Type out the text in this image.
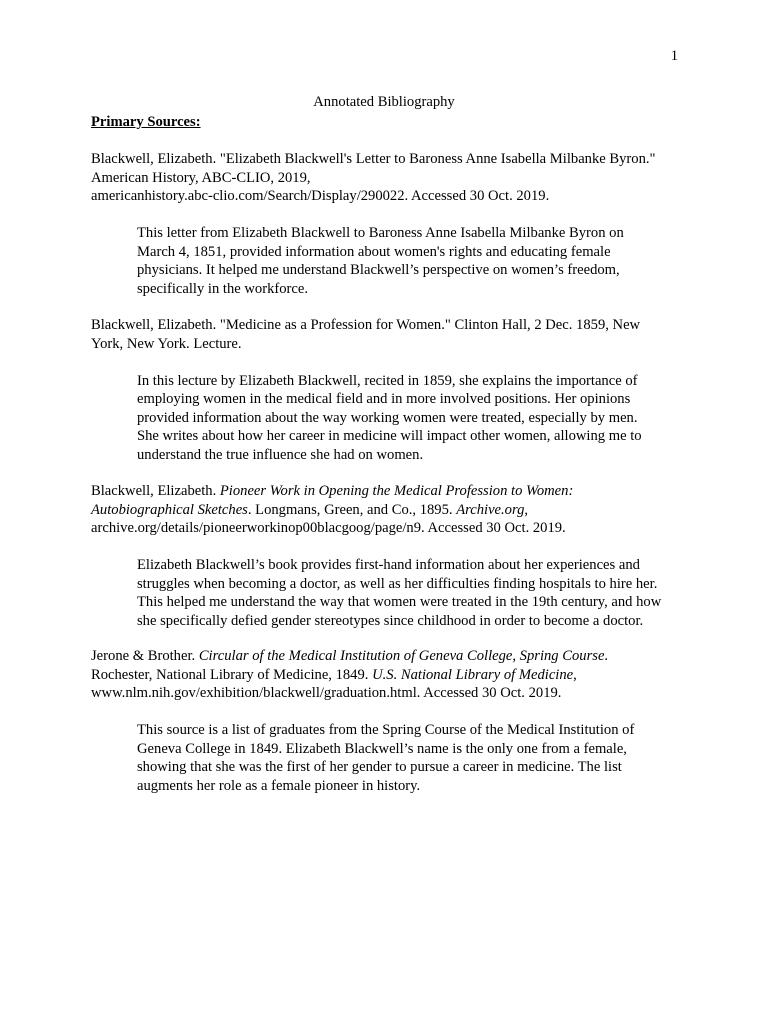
1
Annotated Bibliography
Primary Sources:

Blackwell, Elizabeth. "Elizabeth Blackwell's Letter to Baroness Anne Isabella Milbanke Byron."
American History, ABC-CLIO, 2019,
americanhistory.abc-clio.com/Search/Display/290022. Accessed 30 Oct. 2019.

This letter from Elizabeth Blackwell to Baroness Anne Isabella Milbanke Byron on
March 4, 1851, provided information about women's rights and educating female
physicians. It helped me understand Blackwell’s perspective on women’s freedom,
specifically in the workforce.

Blackwell, Elizabeth. "Medicine as a Profession for Women." Clinton Hall, 2 Dec. 1859, New
York, New York. Lecture.

In this lecture by Elizabeth Blackwell, recited in 1859, she explains the importance of
employing women in the medical field and in more involved positions. Her opinions
provided information about the way working women were treated, especially by men.
She writes about how her career in medicine will impact other women, allowing me to
understand the true influence she had on women.

Blackwell, Elizabeth. Pioneer Work in Opening the Medical Profession to Women:
Autobiographical Sketches. Longmans, Green, and Co., 1895. Archive.org,
archive.org/details/pioneerworkinop00blacgoog/page/n9. Accessed 30 Oct. 2019.

Elizabeth Blackwell’s book provides first-hand information about her experiences and
struggles when becoming a doctor, as well as her difficulties finding hospitals to hire her.
This helped me understand the way that women were treated in the 19th century, and how
she specifically defied gender stereotypes since childhood in order to become a doctor.

Jerone & Brother. Circular of the Medical Institution of Geneva College, Spring Course.
Rochester, National Library of Medicine, 1849. U.S. National Library of Medicine,
www.nlm.nih.gov/exhibition/blackwell/graduation.html. Accessed 30 Oct. 2019.

This source is a list of graduates from the Spring Course of the Medical Institution of
Geneva College in 1849. Elizabeth Blackwell’s name is the only one from a female,
showing that she was the first of her gender to pursue a career in medicine. The list
augments her role as a female pioneer in history.
